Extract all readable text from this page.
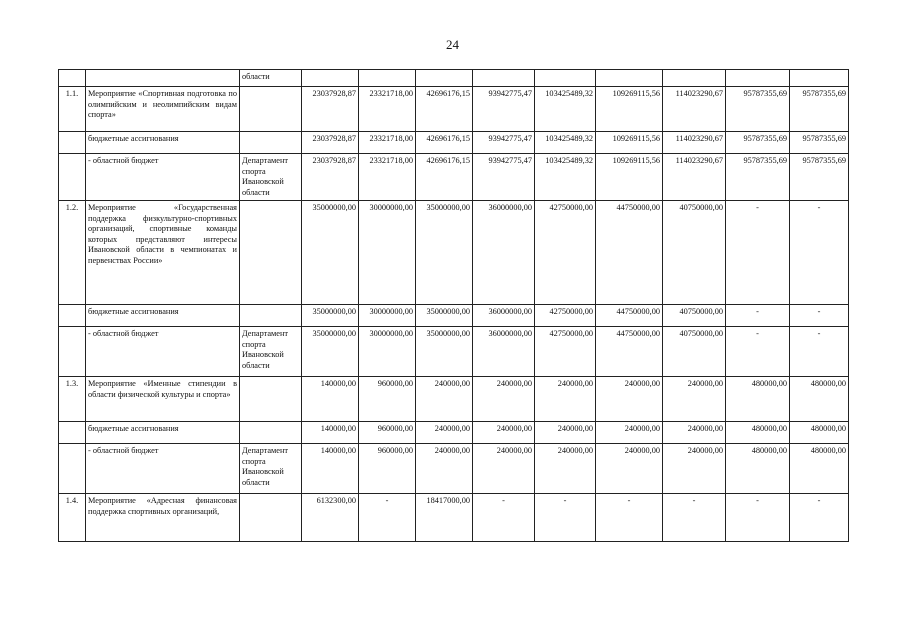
24
		области									
1.1.	Мероприятие «Спортивная подготовка по олимпийским и неолимпийским видам спорта»		23037928,87	23321718,00	42696176,15	93942775,47	103425489,32	109269115,56	114023290,67	95787355,69	95787355,69
	бюджетные ассигнования		23037928,87	23321718,00	42696176,15	93942775,47	103425489,32	109269115,56	114023290,67	95787355,69	95787355,69
	- областной бюджет	Департамент спорта Ивановской области	23037928,87	23321718,00	42696176,15	93942775,47	103425489,32	109269115,56	114023290,67	95787355,69	95787355,69
1.2.	Мероприятие «Государственная поддержка физкультурно-спортивных организаций, спортивные команды которых представляют интересы Ивановской области в чемпионатах и первенствах России»		35000000,00	30000000,00	35000000,00	36000000,00	42750000,00	44750000,00	40750000,00	-	-
	бюджетные ассигнования		35000000,00	30000000,00	35000000,00	36000000,00	42750000,00	44750000,00	40750000,00	-	-
	- областной бюджет	Департамент спорта Ивановской области	35000000,00	30000000,00	35000000,00	36000000,00	42750000,00	44750000,00	40750000,00	-	-
1.3.	Мероприятие «Именные стипендии в области физической культуры и спорта»		140000,00	960000,00	240000,00	240000,00	240000,00	240000,00	240000,00	480000,00	480000,00
	бюджетные ассигнования		140000,00	960000,00	240000,00	240000,00	240000,00	240000,00	240000,00	480000,00	480000,00
	- областной бюджет	Департамент спорта Ивановской области	140000,00	960000,00	240000,00	240000,00	240000,00	240000,00	240000,00	480000,00	480000,00
1.4.	Мероприятие «Адресная финансовая поддержка спортивных организаций,		6132300,00	-	18417000,00	-	-	-	-	-	-
